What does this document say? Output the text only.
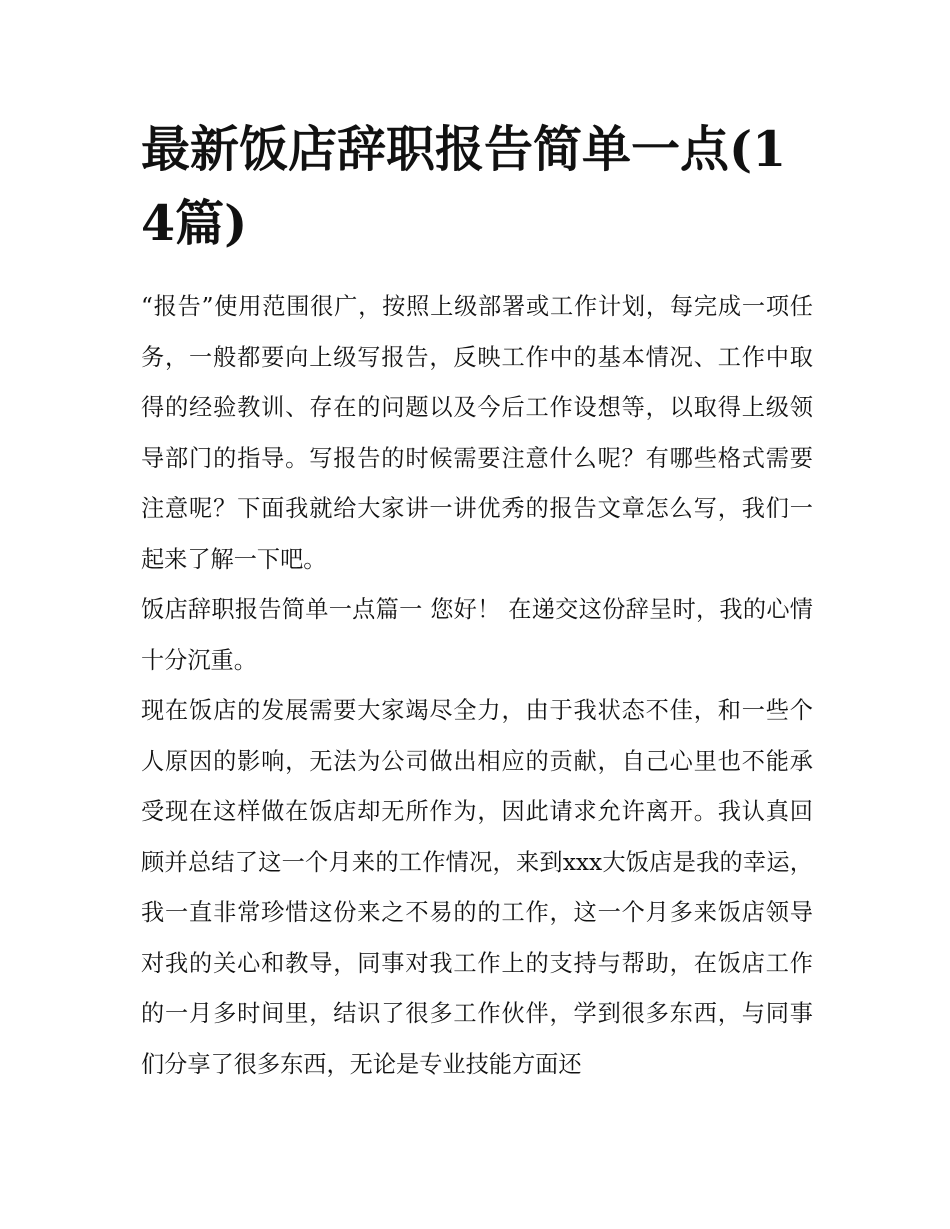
最新饭店辞职报告简单一点(14篇)

“报告”使用范围很广，按照上级部署或工作计划，每完成一项任务，一般都要向上级写报告，反映工作中的基本情况、工作中取得的经验教训、存在的问题以及今后工作设想等，以取得上级领导部门的指导。写报告的时候需要注意什么呢？有哪些格式需要注意呢？下面我就给大家讲一讲优秀的报告文章怎么写，我们一起来了解一下吧。

饭店辞职报告简单一点篇一 您好！ 在递交这份辞呈时，我的心情十分沉重。

现在饭店的发展需要大家竭尽全力，由于我状态不佳，和一些个人原因的影响，无法为公司做出相应的贡献，自己心里也不能承受现在这样做在饭店却无所作为，因此请求允许离开。我认真回顾并总结了这一个月来的工作情况，来到xxx大饭店是我的幸运，我一直非常珍惜这份来之不易的的工作，这一个月多来饭店领导对我的关心和教导，同事对我工作上的支持与帮助，在饭店工作的一月多时间里，结识了很多工作伙伴，学到很多东西，与同事们分享了很多东西，无论是专业技能方面还
